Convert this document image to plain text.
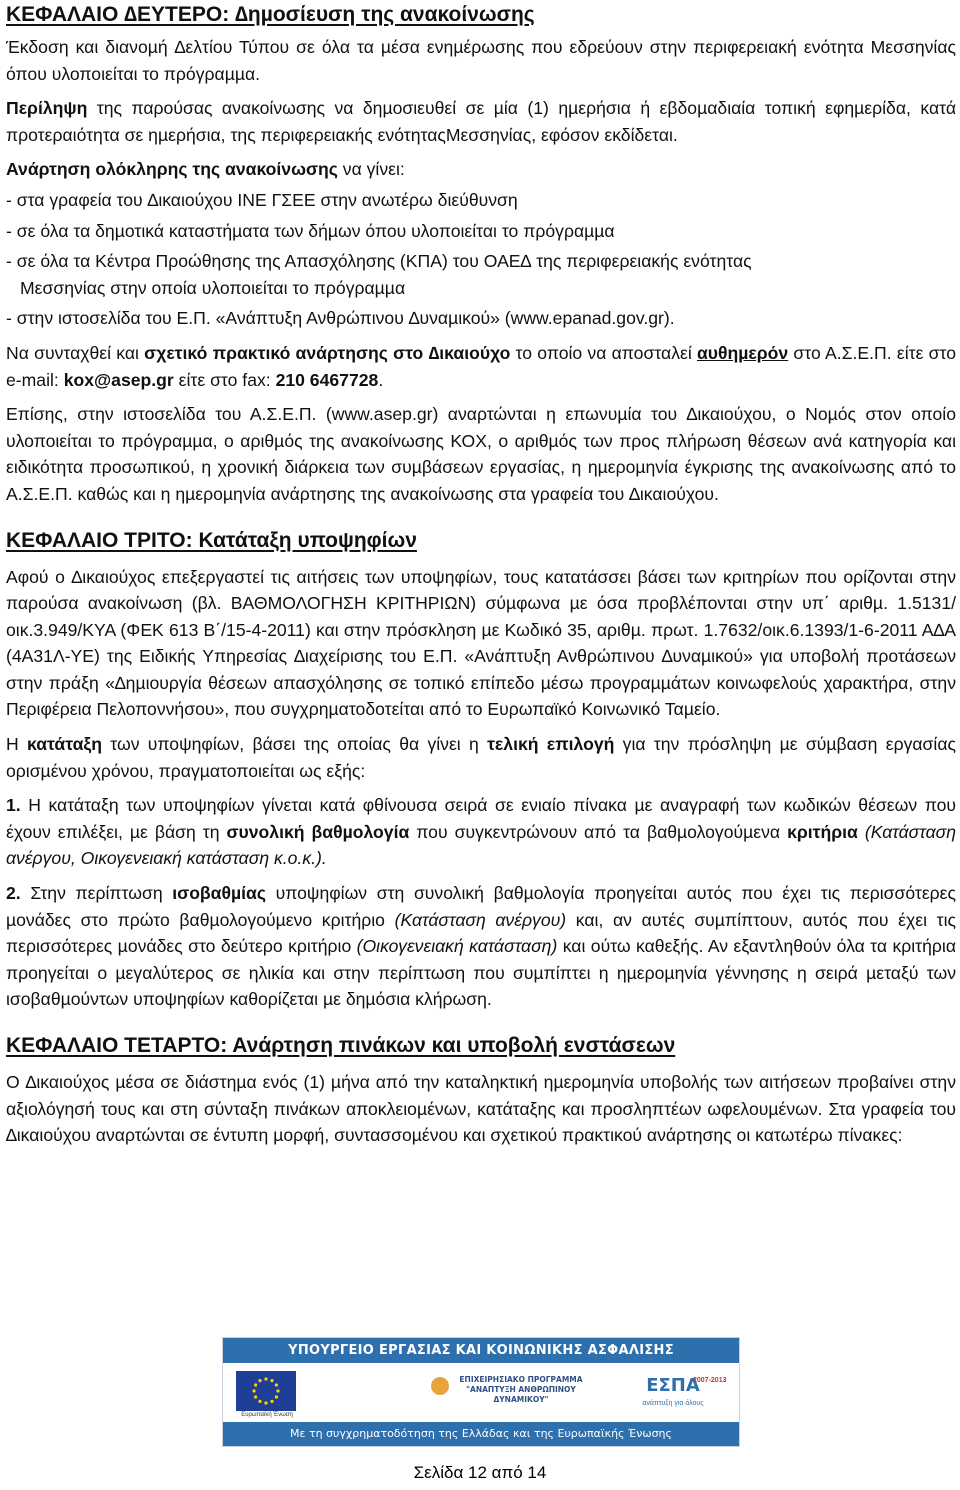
ΚΕΦΑΛΑΙΟ ∆ΕΥΤΕΡΟ: ∆ηµοσίευση της ανακοίνωσης

Έκδοση και διανοµή ∆ελτίου Τύπου σε όλα τα µέσα ενηµέρωσης που εδρεύουν στην περιφερειακή ενότητα Μεσσηνίας όπου υλοποιείται το πρόγραµµα.

Περίληψη της παρούσας ανακοίνωσης να δηµοσιευθεί σε µία (1) ηµερήσια ή εβδοµαδιαία τοπική εφηµερίδα, κατά προτεραιότητα σε ηµερήσια, της περιφερειακής ενότηταςΜεσσηνίας, εφόσον εκδίδεται.

Ανάρτηση ολόκληρης της ανακοίνωσης να γίνει:

- στα γραφεία του ∆ικαιούχου ΙΝΕ ΓΣΕΕ στην ανωτέρω διεύθυνση

- σε όλα τα δηµοτικά καταστήµατα των δήµων όπου υλοποιείται το πρόγραµµα

- σε όλα τα Κέντρα Προώθησης της Απασχόλησης (ΚΠΑ) του ΟΑΕ∆ της περιφερειακής ενότητας

Μεσσηνίας στην οποία υλοποιείται το πρόγραµµα

- στην ιστοσελίδα του Ε.Π. «Ανάπτυξη Ανθρώπινου ∆υναµικού» (www.epanad.gov.gr).

Να συνταχθεί και σχετικό πρακτικό ανάρτησης στο ∆ικαιούχο το οποίο να αποσταλεί αυθηµερόν στο Α.Σ.Ε.Π. είτε στο e-mail: kox@asep.gr είτε στο fax: 210 6467728.

Επίσης, στην ιστοσελίδα του Α.Σ.Ε.Π. (www.asep.gr) αναρτώνται η επωνυµία του ∆ικαιούχου, ο Νοµός στον οποίο υλοποιείται το πρόγραµµα, ο αριθµός της ανακοίνωσης ΚΟΧ, ο αριθµός των προς πλήρωση θέσεων ανά κατηγορία και ειδικότητα προσωπικού, η χρονική διάρκεια των συµβάσεων εργασίας, η ηµεροµηνία έγκρισης της ανακοίνωσης από το Α.Σ.Ε.Π. καθώς και η ηµεροµηνία ανάρτησης της ανακοίνωσης στα γραφεία του ∆ικαιούχου.

ΚΕΦΑΛΑΙΟ ΤΡΙΤΟ: Κατάταξη υποψηφίων

Αφού ο ∆ικαιούχος επεξεργαστεί τις αιτήσεις των υποψηφίων, τους κατατάσσει βάσει των κριτηρίων που ορίζονται στην παρούσα ανακοίνωση (βλ. ΒΑΘΜΟΛΟΓΗΣΗ ΚΡΙΤΗΡΙΩΝ) σύµφωνα µε όσα προβλέπονται στην υπ΄ αριθµ. 1.5131/οικ.3.949/ΚΥΑ (ΦΕΚ 613 Β΄/15-4-2011) και στην πρόσκληση µε Κωδικό 35, αριθµ. πρωτ. 1.7632/οικ.6.1393/1-6-2011 Α∆Α (4Α31Λ-ΥΕ) της Ειδικής Υπηρεσίας ∆ιαχείρισης του Ε.Π. «Ανάπτυξη Ανθρώπινου ∆υναµικού» για υποβολή προτάσεων στην πράξη «∆ηµιουργία θέσεων απασχόλησης σε τοπικό επίπεδο µέσω προγραµµάτων κοινωφελούς χαρακτήρα, στην Περιφέρεια Πελοποννήσου», που συγχρηµατοδοτείται από το Ευρωπαϊκό Κοινωνικό Ταµείο.

Η κατάταξη των υποψηφίων, βάσει της οποίας θα γίνει η τελική επιλογή για την πρόσληψη µε σύµβαση εργασίας ορισµένου χρόνου, πραγµατοποιείται ως εξής:

1. Η κατάταξη των υποψηφίων γίνεται κατά φθίνουσα σειρά σε ενιαίο πίνακα µε αναγραφή των κωδικών θέσεων που έχουν επιλέξει, µε βάση τη συνολική βαθµολογία που συγκεντρώνουν από τα βαθµολογούµενα κριτήρια (Κατάσταση ανέργου, Οικογενειακή κατάσταση κ.ο.κ.).

2. Στην περίπτωση ισοβαθµίας υποψηφίων στη συνολική βαθµολογία προηγείται αυτός που έχει τις περισσότερες µονάδες στο πρώτο βαθµολογούµενο κριτήριο (Κατάσταση ανέργου) και, αν αυτές συµπίπτουν, αυτός που έχει τις περισσότερες µονάδες στο δεύτερο κριτήριο (Οικογενειακή κατάσταση) και ούτω καθεξής. Αν εξαντληθούν όλα τα κριτήρια προηγείται ο µεγαλύτερος σε ηλικία και στην περίπτωση που συµπίπτει η ηµεροµηνία γέννησης η σειρά µεταξύ των ισοβαθµούντων υποψηφίων καθορίζεται µε δηµόσια κλήρωση.

ΚΕΦΑΛΑΙΟ ΤΕΤΑΡΤΟ: Ανάρτηση πινάκων και υποβολή ενστάσεων

Ο ∆ικαιούχος µέσα σε διάστηµα ενός (1) µήνα από την καταληκτική ηµεροµηνία υποβολής των αιτήσεων προβαίνει στην αξιολόγησή τους και στη σύνταξη πινάκων αποκλειοµένων, κατάταξης και προσληπτέων ωφελουµένων. Στα γραφεία του ∆ικαιούχου αναρτώνται σε έντυπη µορφή, συντασσοµένου και σχετικού πρακτικού ανάρτησης οι κατωτέρω πίνακες:

ΥΠΟΥΡΓΕΙΟ ΕΡΓΑΣΙΑΣ ΚΑΙ ΚΟΙΝΩΝΙΚΗΣ ΑΣΦΑΛΙΣΗΣ
Ευρωπαϊκή Ένωση
ΕΠΙΧΕΙΡΗΣΙΑΚΟ ΠΡΟΓΡΑΜΜΑ "ΑΝΑΠΤΥΞΗ ΑΝΘΡΩΠΙΝΟΥ ΔΥΝΑΜΙΚΟΥ"
ΕΣΠΑ
2007-2013
ανάπτυξη για όλους
Με τη συγχρηματοδότηση της Ελλάδας και της Ευρωπαϊκής Ένωσης
Σελίδα 12 από 14
